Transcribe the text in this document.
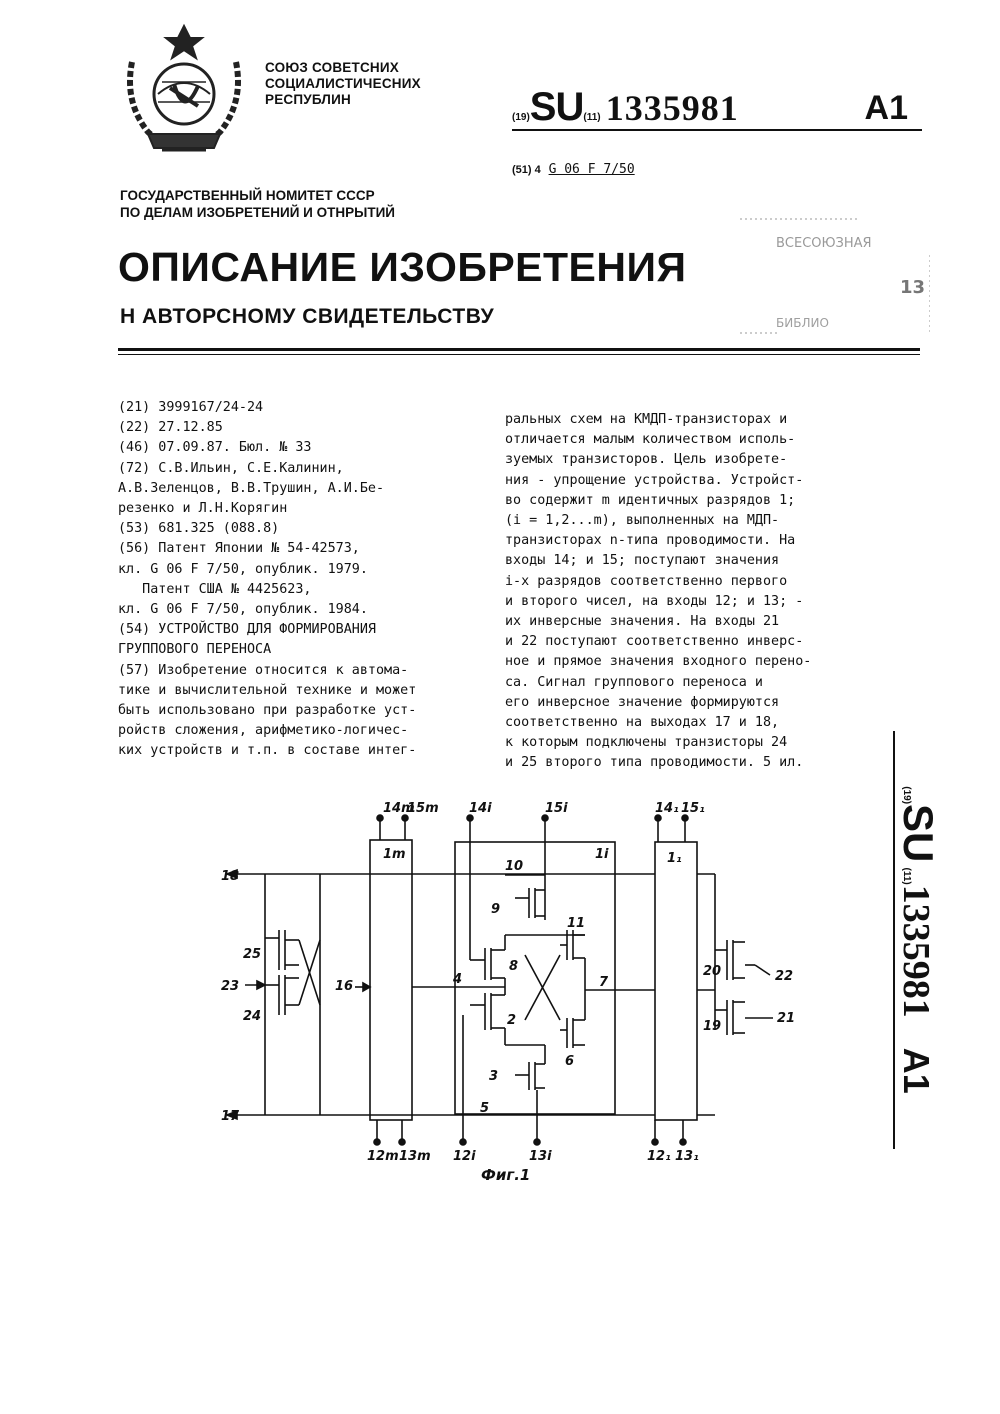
СОЮЗ СОВЕТСНИХ
СОЦИАЛИСТИЧЕСНИХ
РЕСПУБЛИН
(19)SU(11) 1335981	A1
(51) 4 G 06 F 7/50
ГОСУДАРСТВЕННЫЙ НОМИТЕТ СССР
ПО ДЕЛАМ ИЗОБРЕТЕНИЙ И ОТНРЫТИЙ
ОПИСАНИЕ ИЗОБРЕТЕНИЯ
Н АВТОРСНОМУ СВИДЕТЕЛЬСТВУ
ВСЕСОЮЗНАЯ
13
БИБЛИО
(21) 3999167/24-24
(22) 27.12.85
(46) 07.09.87. Бюл. № 33
(72) С.В.Ильин, С.Е.Калинин,
А.В.Зеленцов, В.В.Трушин, А.И.Бе-
резенко и Л.Н.Корягин
(53) 681.325 (088.8)
(56) Патент Японии № 54-42573,
кл. G 06 F 7/50, опублик. 1979.
Патент США № 4425623,
кл. G 06 F 7/50, опублик. 1984.
(54) УСТРОЙСТВО ДЛЯ ФОРМИРОВАНИЯ
ГРУППОВОГО ПЕРЕНОСА
(57) Изобретение относится к автома-
тике и вычислительной технике и может
быть использовано при разработке уст-
ройств сложения, арифметико-логичес-
ких устройств и т.п. в составе интег-
ральных схем на КМДП-транзисторах и
отличается малым количеством исполь-
зуемых транзисторов. Цель изобрете-
ния - упрощение устройства. Устройст-
во содержит m идентичных разрядов 1;
(i = 1,2...m), выполненных на МДП-
транзисторах n-типа проводимости. На
входы 14; и 15; поступают значения
i-х разрядов соответственно первого
и второго чисел, на входы 12; и 13; -
их инверсные значения. На входы 21
и 22 поступают соответственно инверс-
ное и прямое значения входного перено-
са. Сигнал группового переноса и
его инверсное значение формируются
соответственно на выходах 17 и 18,
к которым подключены транзисторы 24
и 25 второго типа проводимости. 5 ил.
(19)SU (11)1335981A1
14m
15m 14i	15i	14₁ 15₁
1m	1i	1₁
18
17
23
25
24
16	4
5
7
10
9
8
11
2
3
6
20
19
22
21
12m 13m 12i	13i	12₁ 13₁
Фиг.1
